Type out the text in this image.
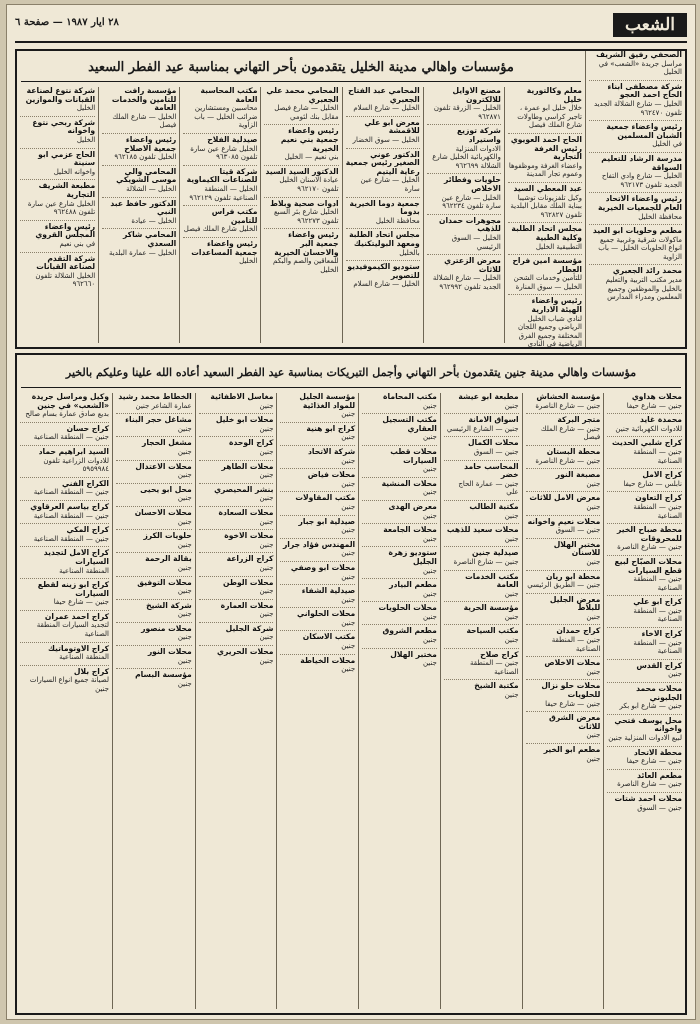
الشعب
٢٨ ايار ١٩٨٧ — صفحة ٦
الصحفي رفيق الشريف
مراسل جريدة «الشعب» في الخليل
شركة مصطفى ابناء الحاج احمد العجو
الخليل — شارع الشلالة الجديد تلفون ٩٦٢٤٧٠
رئيس واعضاء جمعية الشبان المسلمين
في الخليل
مدرسة الرشاد للتعليم السواقة
الخليل — شارع وادي التفاح الجديد تلفون ٩٦٢١٧٣
رئيس واعضاء الاتحاد العام للجمعيات الخيرية
محافظة الخليل
مطعم وحلويات ابو العيد
ماكولات شرقية وغربية جميع انواع الحلويات الخليل — باب الزاوية
محمد رائد الجعبري
مدير مكتب التربية والتعليم بالخليل والموظفين وجميع المعلمين ومدراء المدارس
مؤسسات واهالي مدينة الخليل يتقدمون بأحر التهاني بمناسبة عيد الفطر السعيد
معلم وكالتورية خليل
خلال خليل ابو عمرة ، تاجير كراسي وطاولات شارع الملك فيصل
الحاج احمد العويوي رئيس الغرفة التجارية
واعضاء الغرفة وموظفوها وعموم تجار المدينة
عبد المعطي السيد
وكيل تلفزيونات توشيبا ببناية الملك مقابل البلدية تلفون ٩٦٢٨٢٧
مجلس اتحاد الطلبة وكلية الطبية
التطبيقية الخليل
مؤسسة امين فراح العطار
للتأمين وخدمات الشحن الخليل — سوق المنارة
رئيس واعضاء الهيئة الادارية
لنادي شباب الخليل الرياضي وجميع اللجان المختلفة وجميع الفرق الرياضية في النادي
مصنع الاوايل للالكترون
الخليل — الزرقة تلفون ٩٦٢٨٧١
شركة توزيع واستيراد
الادوات المنزلية والكهربائية الخليل شارع الشلالة ٩٦٢٦٩٩
حلويات وفطائر الاخلاص
الخليل — شارع عين سارة تلفون ٩٦٢٢٣٤
مجوهرات حمدان للذهب
الخليل — السوق الرئيسي
معرض الزعتري للاثاث
الخليل — شارع الشلالة الجديد تلفون ٩٦٢٩٩٢
المحامي عبد الفتاح الجعبري
الخليل — شارع السلام
معرض ابو علي للاقمشة
الخليل — سوق الخضار
الدكتور عوني الصغير رئيس جمعية رعاية اليتيم
الخليل — شارع عين سارة
جمعية دوما الخيرية بدوما
محافظة الخليل
مجلس اتحاد الطلبة ومعهد البوليتكنيك
بالخليل
ستوديو الكيموفيديو للتصوير
الخليل — شارع السلام
المحامي محمد علي الجعبري
الخليل — شارع فيصل مقابل بنك لئومي
رئيس واعضاء جمعية بني نعيم الخيرية
بني نعيم — الخليل
الدكتور السيد السيد
عيادة الاسنان الخليل تلفون ٩٦٢١٧٠
ادوات صحية وبلاط
الخليل شارع بئر السبع تلفون ٩٦٢٢٧٣
رئيس واعضاء جمعية البر والاحسان الخيرية
للمعاقين والصم والبكم الخليل
مكتب المحاسبة العامة
محاسبين ومستشارين ضرائب الخليل — باب الزاوية
صيدلية الفلاح
الخليل شارع عين سارة تلفون ٩٦٣٠٨٥
شركة قيتا للصناعات الكيماوية
الخليل — المنطقة الصناعية تلفون ٩٦٢١٢٩
مكتب فراس للتامين
الخليل شارع الملك فيصل
رئيس واعضاء جمعية المساعدات
الخليل
مؤسسة رافت للتامين والخدمات العامة
الخليل — شارع الملك فيصل
رئيس واعضاء جمعية الاصلاح
الخليل تلفون ٩٦٢١٨٥
المحامي والي موسى الشويكي
الخليل — الشلالة
الدكتور حافظ عبد النبي
الخليل — عيادة
المحامي شاكر السعدي
الخليل — عمارة البلدية
شركة نتوع لصناعة القبانات والموازين
الخليل
شركة ربحي نتوع واخوانه
الخليل
الحاج عزمي ابو سنينة
واخوانه الخليل
مطبعة الشريف التجارية
الخليل شارع عين سارة تلفون ٩٦٢٤٨٨
رئيس واعضاء المجلس القروي
في بني نعيم
شركة التقدم لصناعة القبانات
الخليل الشلالة تلفون ٩٦٢٦٦٠
مؤسسات واهالي مدينة جنين يتقدمون بأحر التهاني وأجمل التبريكات بمناسبة عيد الفطر السعيد أعاده الله علينا وعليكم بالخير
محلات هداوي
جنين — شارع حيفا
محمدة غايد
للادوات الكهربائية جنين
كراج شلبي الحديث
جنين — المنطقة الصناعية
كراج الامل
نابلس — شارع حيفا
كراج التعاون
جنين — المنطقة الصناعية
محطة صباح الخير للمحروقات
جنين — شارع الناصرة
محلات الصبّاح لبيع قطع السيارات
جنين — المنطقة الصناعية
كراج ابو علي
جنين — المنطقة الصناعية
كراج الاخاء
جنين — المنطقة الصناعية
كراج القدس
جنين
محلات محمد الجلبوني
جنين — شارع ابو بكر
محل يوسف فتحي واخوانه
لبيع الادوات المنزلية جنين
محطة الاتحاد
جنين — شارع حيفا
مطعم العائد
جنين — شارع الناصرة
محلات احمد شتات
جنين — السوق
مؤسسة الخشاش
جنين — شارع الناصرة
متجر البركة
جنين — شارع الملك فيصل
محطة البستان
جنين — شارع الناصرة
مصبغة النور
جنين
معرض الامل للاثاث
جنين
محلات نعيم واخوانه
جنين — السوق
مختبر الهلال للاسنان
جنين
محطة ابو ريان
جنين — الطريق الرئيسي
معرض الجليل للبلاط
جنين
كراج حمدان
جنين — المنطقة الصناعية
محلات الاخلاص
جنين
محلات حلو نزال للحلويات
جنين — شارع حيفا
معرض الشرق للاثاث
جنين
مطعم ابو الخير
جنين
مطبعة ابو عيشة
جنين
اسواق الامانة
جنين — الشارع الرئيسي
محلات الكمال
جنين — السوق
المحاسب حامد خضر
جنين — عمارة الحاج علي
مكتبة الطالب
جنين
محلات سعيد للذهب
جنين
صيدلية جنين
جنين — شارع الناصرة
مكتب الخدمات العامة
جنين
مؤسسة الحرية
جنين
مكتب السياحة
جنين
كراج صلاح
جنين — المنطقة الصناعية
مكتبة الشيخ
جنين
مكتب المحاماة
جنين
مكتب التسجيل العقاري
جنين
محلات قطب السيارات
جنين
محلات المنشية
جنين
معرض الهدى
جنين
محلات الجامعة
جنين
ستوديو زهرة الجليل
جنين
مطعم البيادر
جنين
محلات الحلويات
جنين
مطعم الشروق
جنين
مختبر الهلال
جنين
مؤسسة الجليل للمواد الغذائية
جنين
كراج ابو هنية
جنين
شركة الاتحاد
جنين
محلات فياض
جنين
مكتب المقاولات
جنين
صيدلية ابو جبار
جنين
المهندس فؤاد جرار
جنين
محلات ابو وصفي
جنين
صيدلية الشفاء
جنين
محلات الحلواني
جنين
مكتب الاسكان
جنين
محلات الخياطة
جنين
مغاسل الاطفائية
جنين
محلات ابو خليل
جنين
كراج الوحدة
جنين
محلات الطاهر
جنين
بنشر المحيصري
جنين
محلات السعادة
جنين
محلات الاخوة
جنين
كراج الزراعة
جنين
محلات الوطن
جنين
محلات العمارة
جنين
شركة الجليل
جنين
محلات الحريري
جنين
الخطاط محمد رشيد
عمارة الشاعر جنين
مشاغل حجر البناء
جنين
مشغل الحجار
جنين
محلات الاعتدال
جنين
محل ابو يحيى
جنين
محلات الاحسان
جنين
حلويات الكرز
جنين
بقالة الرحمة
جنين
محلات التوفيق
جنين
شركة الشيخ
جنين
محلات منصور
جنين
محلات النور
جنين
مؤسسة البسام
جنين
وكيل ومراسل جريدة «الشعب» في جنين
بديع صادق عمارة بسام صالح
كراج حسان
جنين — المنطقة الصناعية
السيد ابراهيم حماد
للادوات الزراعية تلفون ٥٩٥٩٩٨٤
الكراج الفني
جنين — المنطقة الصناعية
كراج بياسم العرقاوي
جنين — المنطقة الصناعية
كراج المكي
جنين — المنطقة الصناعية
كراج الامل لتجديد السيارات
المنطقة الصناعية
كراج ابو زينه لقطع السيارات
جنين — شارع حيفا
كراج احمد عمران
لتجديد السيارات المنطقة الصناعية
كراج الاوتوماتيك
المنطقة الصناعية
كراج بلال
لصيانة جميع انواع السيارات جنين
